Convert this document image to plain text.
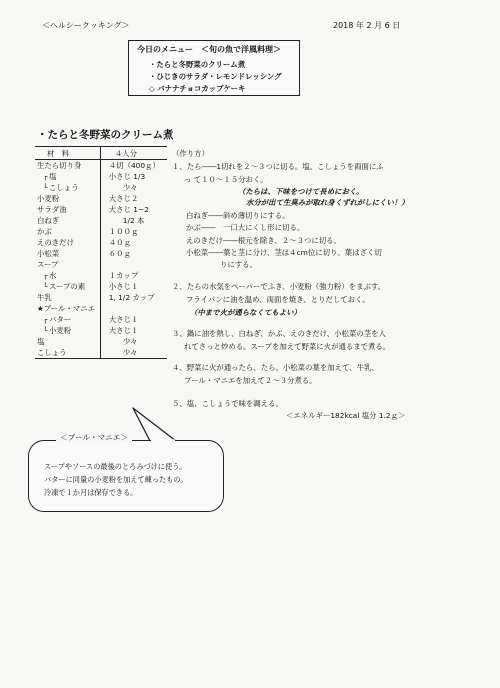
＜ヘルシークッキング＞	2018 年 2 月 6 日
今日のメニュー　＜旬の魚で洋風料理＞
・たらと冬野菜のクリーム煮
・ひじきのサラダ・レモンドレッシング
◇ バナナチョコカップケーキ
・たらと冬野菜のクリーム煮
材　料	４人分
生たら切り身	４切（400ｇ）
┌ 塩	小さじ 1/3
└ こしょう	少々
小麦粉	大さじ２
サラダ油	大さじ 1~2
白ねぎ	1/2 本
かぶ	１００ｇ
えのきだけ	４０ｇ
小松菜	６０ｇ
スープ	
┌ 水	１カップ
└ スープの素	小さじ１
牛乳	1, 1/2 カップ
★ブール・マニエ	
┌ バター	大さじ１
└ 小麦粉	大さじ１
塩	少々
こしょう	少々
（作り方）
１、たら――1切れを２～３つに切る。塩、こしょうを両面にふ
っ て１０～１５分おく。
（たらは、下味をつけて長めにおく。
水分が出て生臭みが取れ身くずれがしにくい！）
白ねぎ――斜め薄切りにする。
かぶ――　一口大にくし形に切る。
えのきだけ――根元を除き、２～３つに切る。
小松菜――葉と茎に分け、茎は４cm位に切り、葉はざく切
りにする。
２、たらの水気をペーパーでふき、小麦粉（強力粉）をまぶす。
フライパンに油を温め、両面を焼き、とりだしておく。
（中まで火が通らなくてもよい）
３、鍋に油を熱し、白ねぎ、かぶ、えのきだけ、小松菜の茎を入
れてさっと炒める。スープを加えて野菜に火が通るまで煮る。
４、野菜に火が通ったら、たら、小松菜の葉を加えて、牛乳、
ブール・マニエを加えて２～３分煮る。
５、塩、こしょうで味を調える。
＜エネルギー182kcal 塩分 1.2ｇ＞
＜ブール・マニエ＞
スープやソースの最後のとろみづけに使う。
バターに同量の小麦粉を加えて練ったもの。
冷凍で１か月は保存できる。
